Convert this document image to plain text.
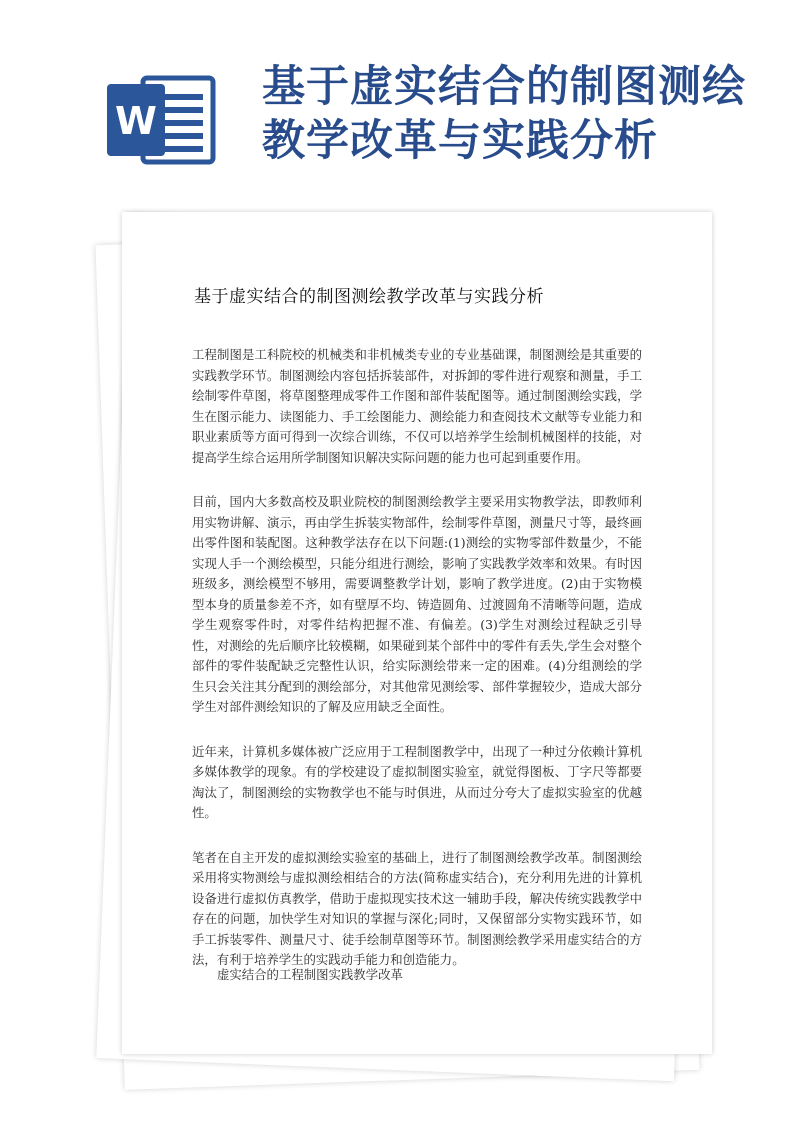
W
基于虚实结合的制图测绘教学改革与实践分析
基于虚实结合的制图测绘教学改革与实践分析

工程制图是工科院校的机械类和非机械类专业的专业基础课，制图测绘是其重要的实践教学环节。制图测绘内容包括拆装部件，对拆卸的零件进行观察和测量，手工绘制零件草图，将草图整理成零件工作图和部件装配图等。通过制图测绘实践，学生在图示能力、读图能力、手工绘图能力、测绘能力和查阅技术文献等专业能力和职业素质等方面可得到一次综合训练，不仅可以培养学生绘制机械图样的技能，对提高学生综合运用所学制图知识解决实际问题的能力也可起到重要作用。

目前，国内大多数高校及职业院校的制图测绘教学主要采用实物教学法，即教师利用实物讲解、演示，再由学生拆装实物部件，绘制零件草图，测量尺寸等，最终画出零件图和装配图。这种教学法存在以下问题:(1)测绘的实物零部件数量少，不能实现人手一个测绘模型，只能分组进行测绘，影响了实践教学效率和效果。有时因班级多，测绘模型不够用，需要调整教学计划，影响了教学进度。(2)由于实物模型本身的质量参差不齐，如有壁厚不均、铸造圆角、过渡圆角不清晰等问题，造成学生观察零件时，对零件结构把握不准、有偏差。(3)学生对测绘过程缺乏引导性，对测绘的先后顺序比较模糊，如果碰到某个部件中的零件有丢失,学生会对整个部件的零件装配缺乏完整性认识，给实际测绘带来一定的困难。(4)分组测绘的学生只会关注其分配到的测绘部分，对其他常见测绘零、部件掌握较少，造成大部分学生对部件测绘知识的了解及应用缺乏全面性。

近年来，计算机多媒体被广泛应用于工程制图教学中，出现了一种过分依赖计算机多媒体教学的现象。有的学校建设了虚拟制图实验室，就觉得图板、丁字尺等都要淘汰了，制图测绘的实物教学也不能与时俱进，从而过分夸大了虚拟实验室的优越性。

笔者在自主开发的虚拟测绘实验室的基础上，进行了制图测绘教学改革。制图测绘采用将实物测绘与虚拟测绘相结合的方法(简称虚实结合)，充分利用先进的计算机设备进行虚拟仿真教学，借助于虚拟现实技术这一辅助手段，解决传统实践教学中存在的问题，加快学生对知识的掌握与深化;同时，又保留部分实物实践环节，如手工拆装零件、测量尺寸、徒手绘制草图等环节。制图测绘教学采用虚实结合的方法，有利于培养学生的实践动手能力和创造能力。

虚实结合的工程制图实践教学改革
